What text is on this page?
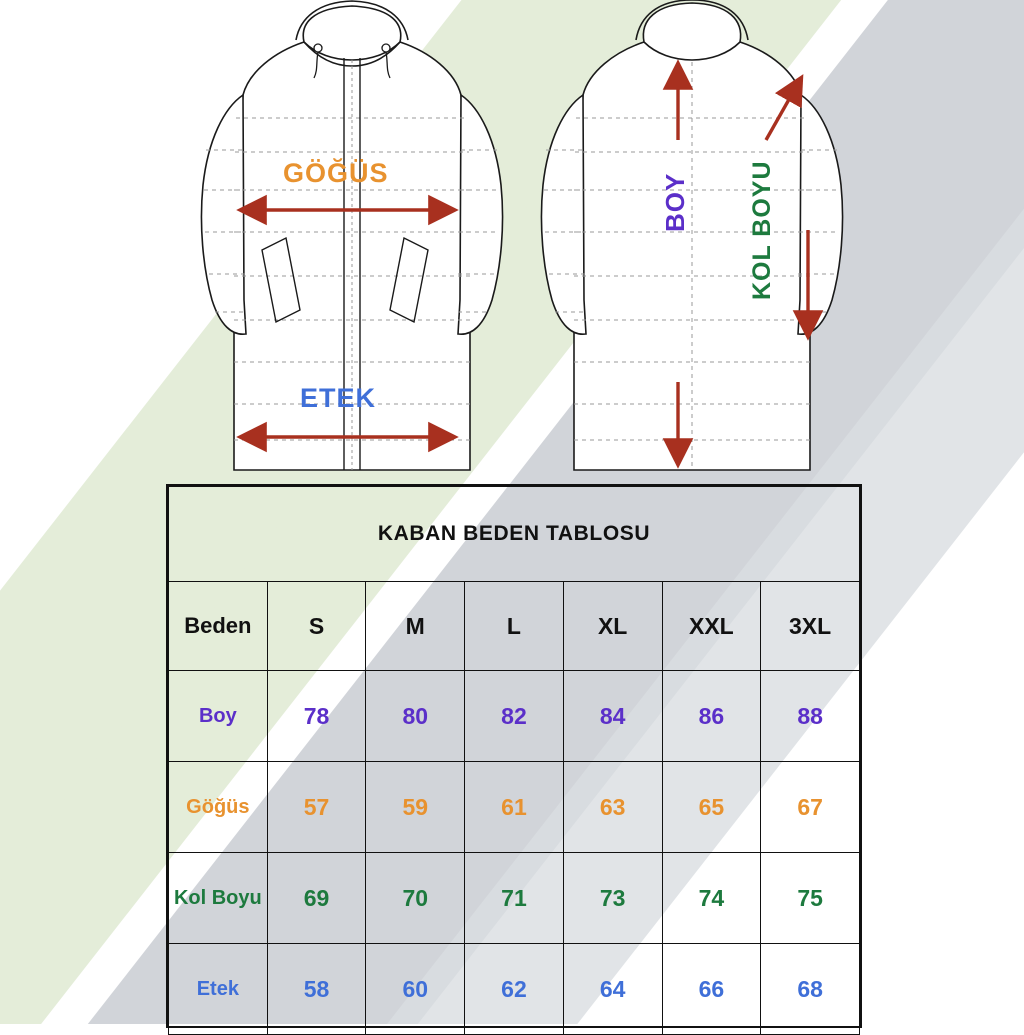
GÖĞÜS
ETEK
BOY KOL BOYU
KABAN BEDEN TABLOSU						
Beden	S	M	L	XL	XXL	3XL
Boy	78	80	82	84	86	88
Göğüs	57	59	61	63	65	67
Kol Boyu	69	70	71	73	74	75
Etek	58	60	62	64	66	68
